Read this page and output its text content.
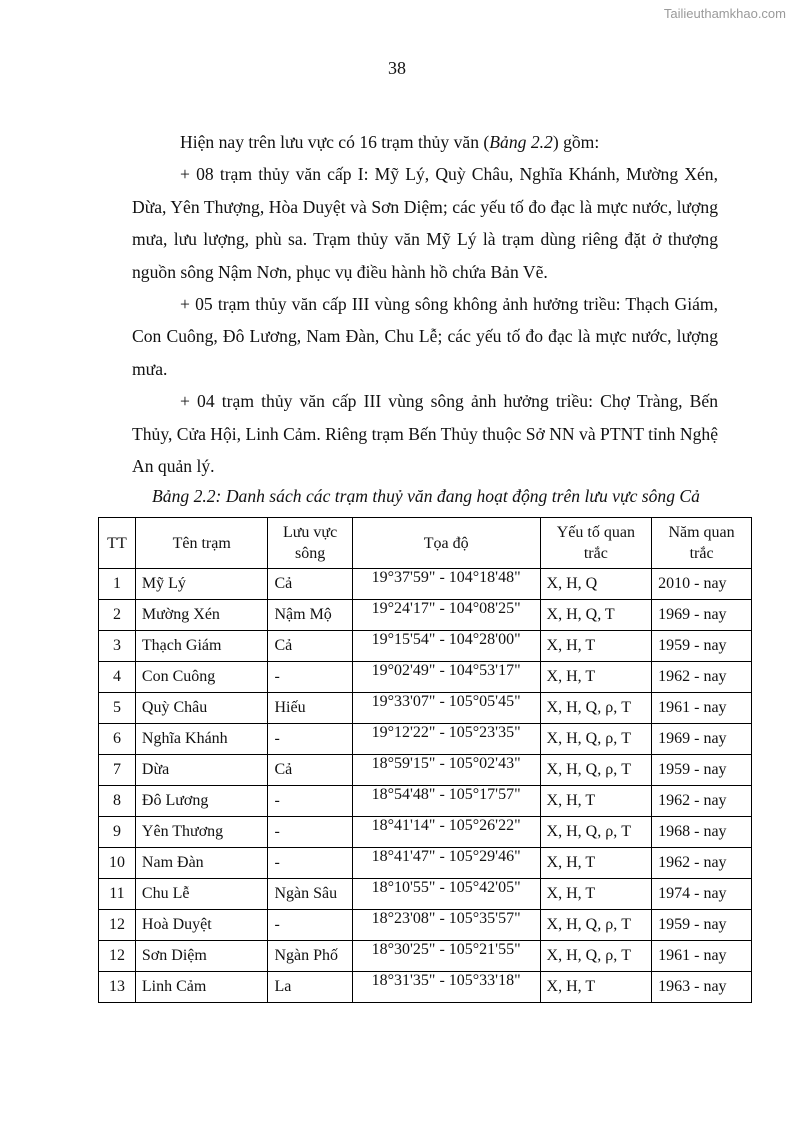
Tailieuthamkhao.com
38

Hiện nay trên lưu vực có 16 trạm thủy văn (Bảng 2.2) gồm:

+ 08 trạm thủy văn cấp I: Mỹ Lý, Quỳ Châu, Nghĩa Khánh, Mường Xén, Dừa, Yên Thượng, Hòa Duyệt và Sơn Diệm; các yếu tố đo đạc là mực nước, lượng mưa, lưu lượng, phù sa. Trạm thủy văn Mỹ Lý là trạm dùng riêng đặt ở thượng nguồn sông Nậm Nơn, phục vụ điều hành hồ chứa Bản Vẽ.

+ 05 trạm thủy văn cấp III vùng sông không ảnh hưởng triều: Thạch Giám, Con Cuông, Đô Lương, Nam Đàn, Chu Lễ; các yếu tố đo đạc là mực nước, lượng mưa.

+ 04 trạm thủy văn cấp III vùng sông ảnh hưởng triều: Chợ Tràng, Bến Thủy, Cửa Hội, Linh Cảm. Riêng trạm Bến Thủy thuộc Sở NN và PTNT tỉnh Nghệ An quản lý.

Bảng 2.2: Danh sách các trạm thuỷ văn đang hoạt động trên lưu vực sông Cả
TT	Tên trạm	Lưu vực sông	Tọa độ	Yếu tố quan trắc	Năm quan trắc
1	Mỹ Lý	Cả	19°37'59" - 104°18'48"	X, H, Q	2010 - nay
2	Mường Xén	Nậm Mộ	19°24'17" - 104°08'25"	X, H, Q, T	1969 - nay
3	Thạch Giám	Cả	19°15'54" - 104°28'00"	X, H, T	1959 - nay
4	Con Cuông	-	19°02'49" - 104°53'17"	X, H, T	1962 - nay
5	Quỳ Châu	Hiếu	19°33'07" - 105°05'45"	X, H, Q, ρ, T	1961 - nay
6	Nghĩa Khánh	-	19°12'22" - 105°23'35"	X, H, Q, ρ, T	1969 - nay
7	Dừa	Cả	18°59'15" - 105°02'43"	X, H, Q, ρ, T	1959 - nay
8	Đô Lương	-	18°54'48" - 105°17'57"	X, H, T	1962 - nay
9	Yên Thương	-	18°41'14" - 105°26'22"	X, H, Q, ρ, T	1968 - nay
10	Nam Đàn	-	18°41'47" - 105°29'46"	X, H, T	1962 - nay
11	Chu Lễ	Ngàn Sâu	18°10'55" - 105°42'05"	X, H, T	1974 - nay
12	Hoà Duyệt	-	18°23'08" - 105°35'57"	X, H, Q, ρ, T	1959 - nay
12	Sơn Diệm	Ngàn Phố	18°30'25" - 105°21'55"	X, H, Q, ρ, T	1961 - nay
13	Linh Cảm	La	18°31'35" - 105°33'18"	X, H, T	1963 - nay
